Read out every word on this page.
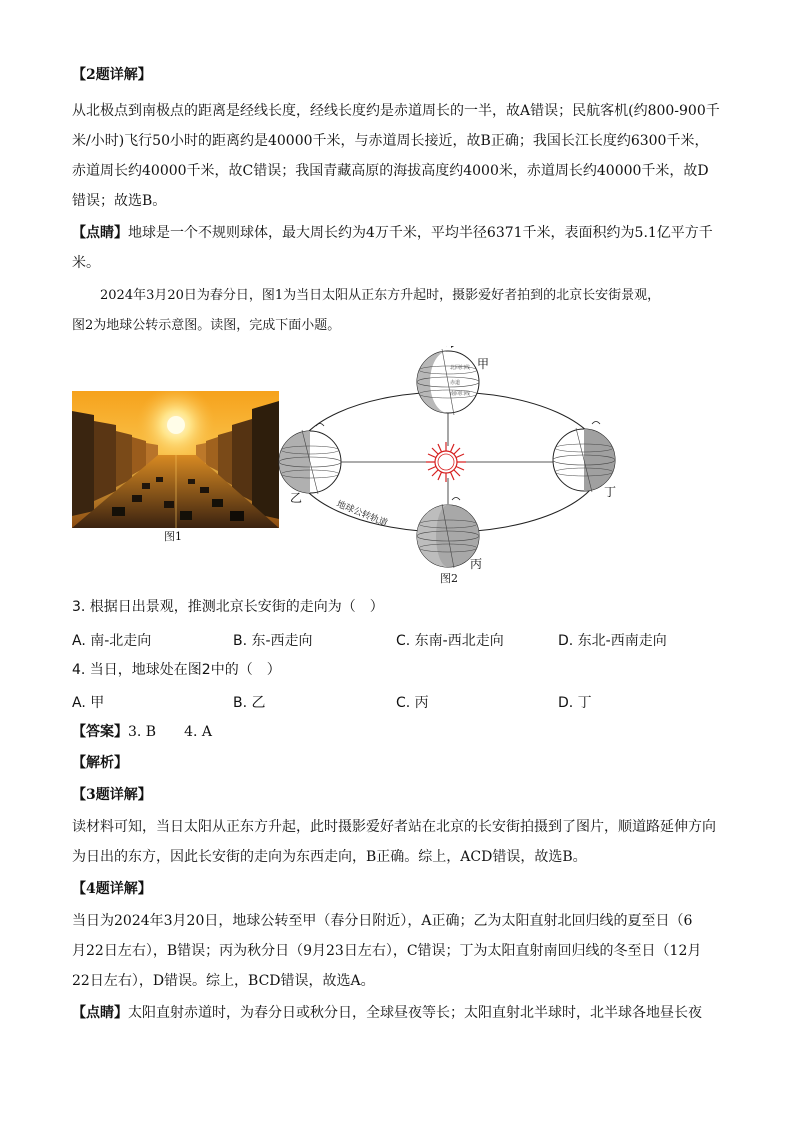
【2题详解】
从北极点到南极点的距离是经线长度，经线长度约是赤道周长的一半，故A错误；民航客机(约800-900千
米/小时)飞行50小时的距离约是40000千米，与赤道周长接近，故B正确；我国长江长度约6300千米，
赤道周长约40000千米，故C错误；我国青藏高原的海拔高度约4000米，赤道周长约40000千米，故D
错误；故选B。
【点睛】地球是一个不规则球体，最大周长约为4万千米，平均半径6371千米，表面积约为5.1亿平方千
米。
2024年3月20日为春分日，图1为当日太阳从正东方升起时，摄影爱好者拍到的北京长安街景观，
图2为地球公转示意图。读图，完成下面小题。
图1
北回归线
赤道
南回归线
甲
乙
丙
丁
地球公转轨道
图2
3. 根据日出景观，推测北京长安街的走向为（　）
A. 南-北走向	B. 东-西走向	C. 东南-西北走向	D. 东北-西南走向
4. 当日，地球处在图2中的（　）
A. 甲	B. 乙	C. 丙	D. 丁
【答案】3. B　　4. A
【解析】
【3题详解】
读材料可知，当日太阳从正东方升起，此时摄影爱好者站在北京的长安街拍摄到了图片，顺道路延伸方向
为日出的东方，因此长安街的走向为东西走向，B正确。综上，ACD错误，故选B。
【4题详解】
当日为2024年3月20日，地球公转至甲（春分日附近），A正确；乙为太阳直射北回归线的夏至日（6
月22日左右），B错误；丙为秋分日（9月23日左右），C错误；丁为太阳直射南回归线的冬至日（12月
22日左右），D错误。综上，BCD错误，故选A。
【点睛】太阳直射赤道时，为春分日或秋分日，全球昼夜等长；太阳直射北半球时，北半球各地昼长夜
